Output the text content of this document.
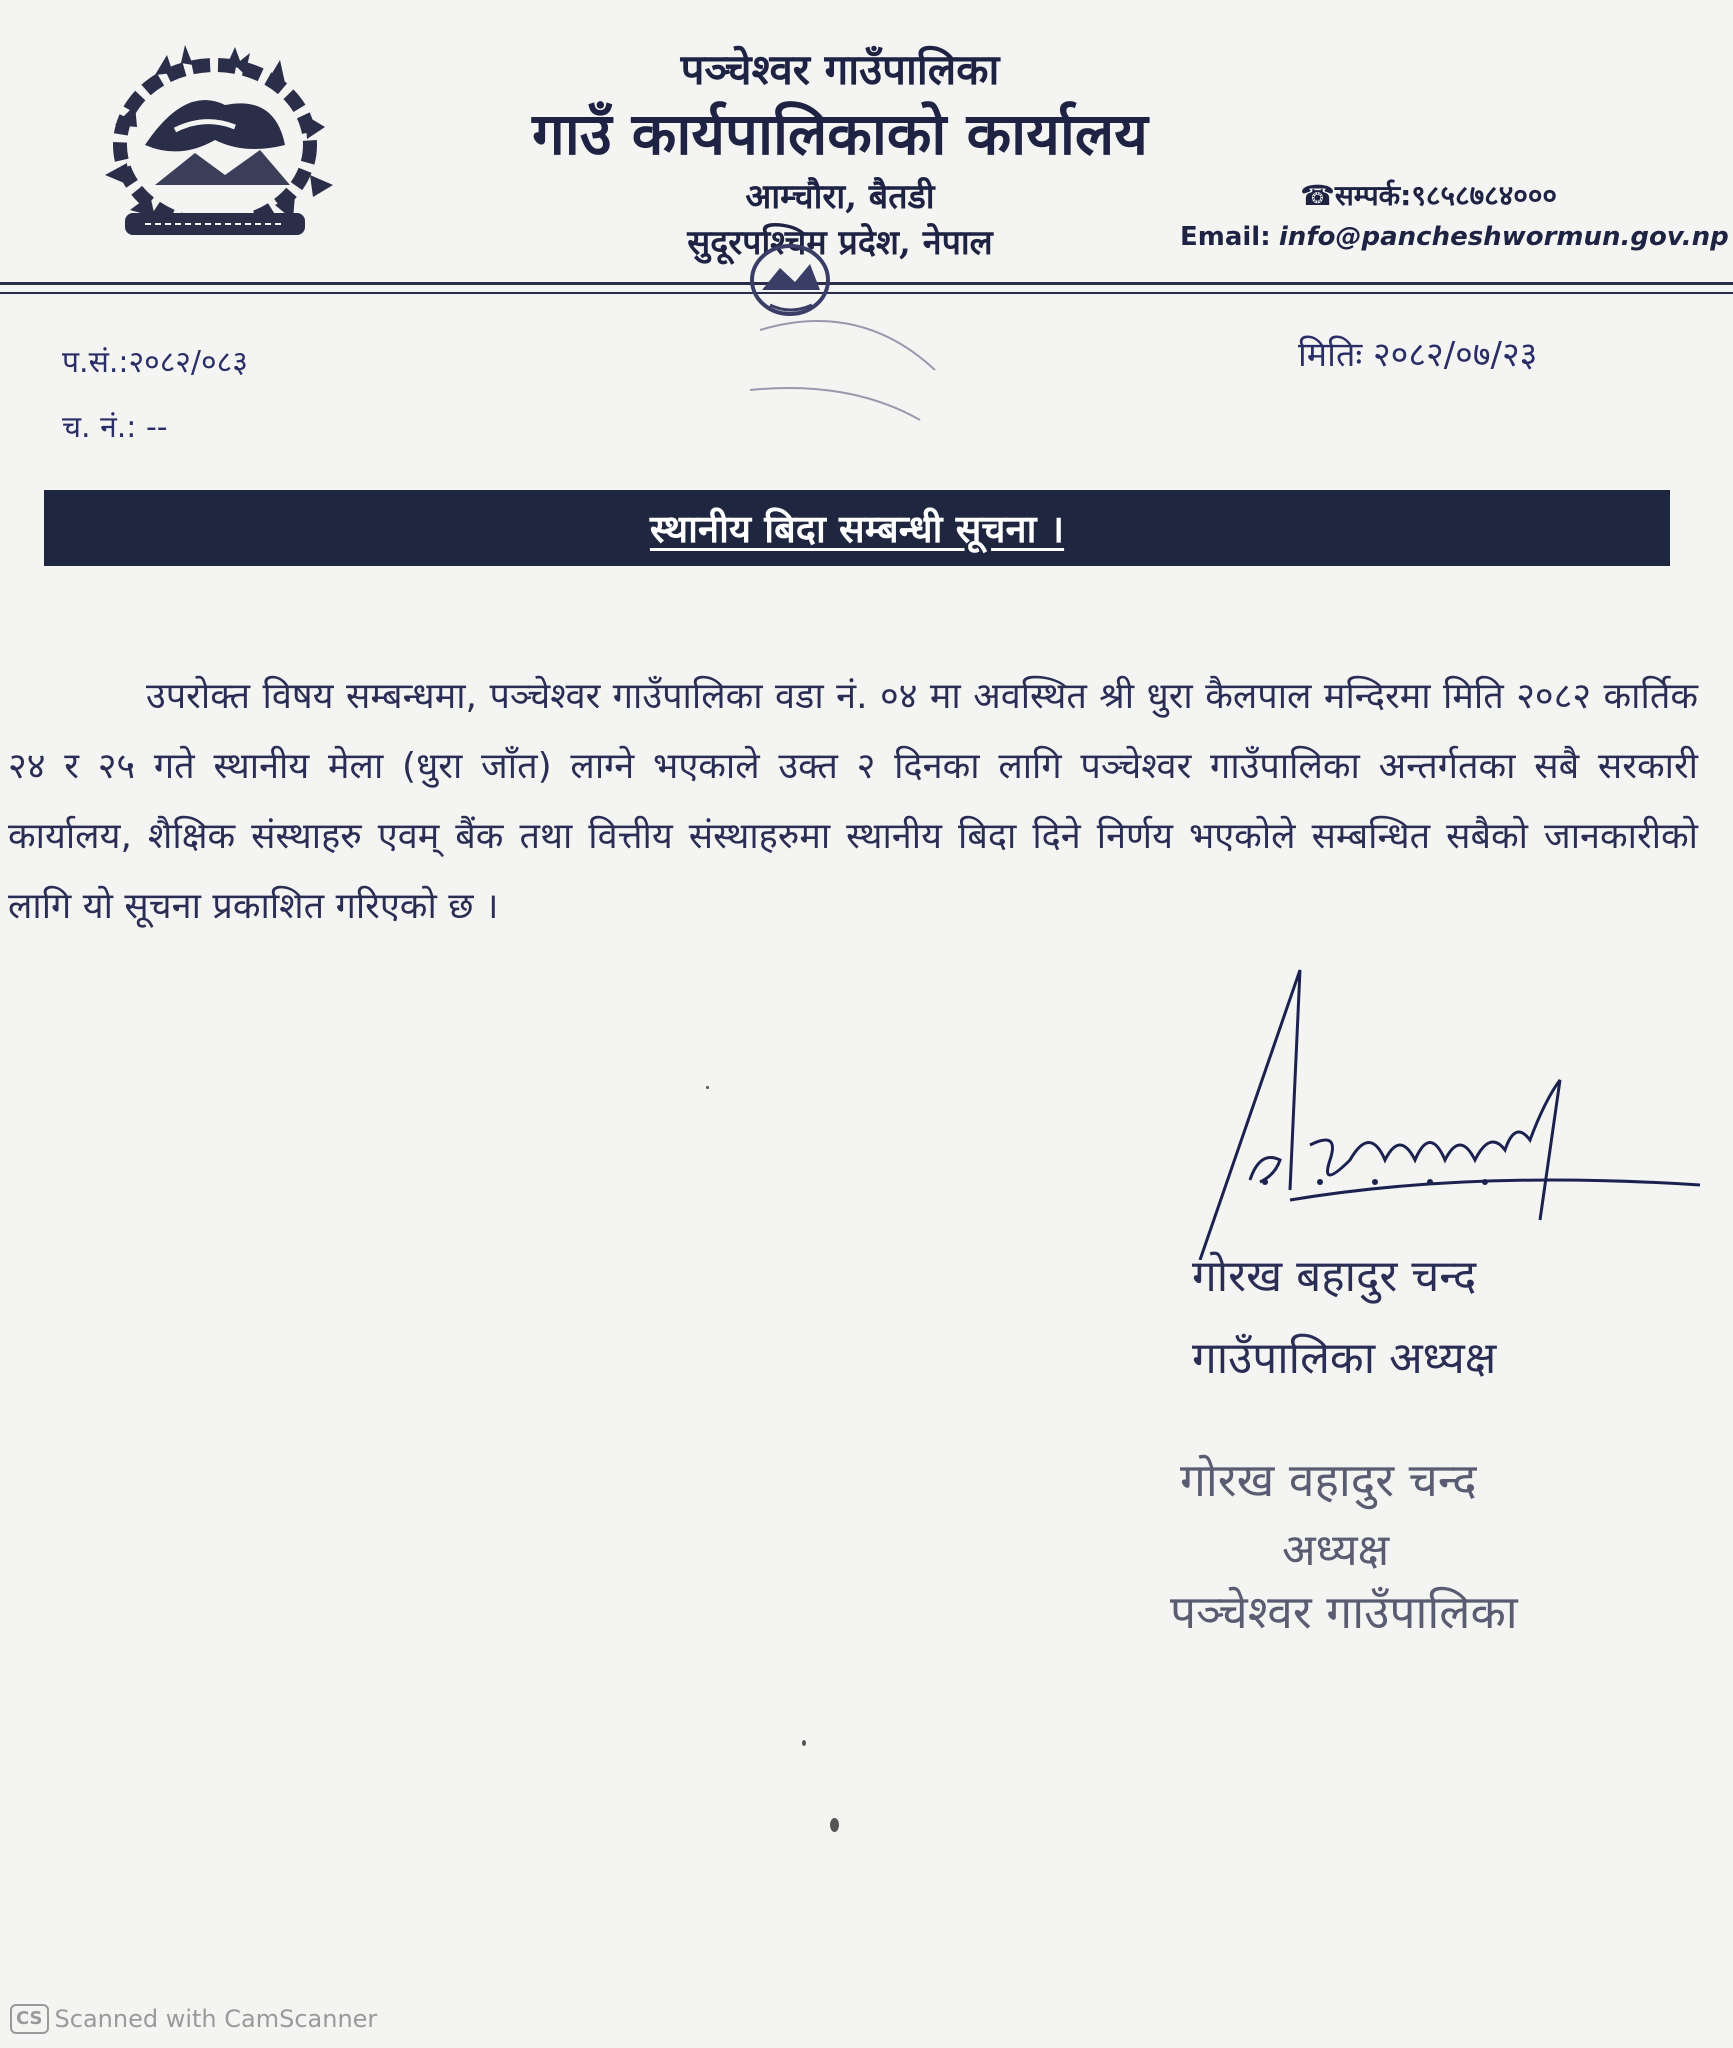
पञ्चेश्वर गाउँपालिका
गाउँ कार्यपालिकाको कार्यालय
आम्चौरा, बैतडी
सुदूरपश्चिम प्रदेश, नेपाल
☎सम्पर्क:९८५८७८४०००
Email: info@pancheshwormun.gov.np
प.सं.:२०८२/०८३
च. नं.: --
मितिः २०८२/०७/२३
स्थानीय बिदा सम्बन्धी सूचना ।
उपरोक्त विषय सम्बन्धमा, पञ्चेश्वर गाउँपालिका वडा नं. ०४ मा अवस्थित श्री धुरा कैलपाल मन्दिरमा मिति २०८२ कार्तिक २४ र २५ गते स्थानीय मेला (धुरा जाँत) लाग्ने भएकाले उक्त २ दिनका लागि पञ्चेश्वर गाउँपालिका अन्तर्गतका सबै सरकारी कार्यालय, शैक्षिक संस्थाहरु एवम् बैंक तथा वित्तीय संस्थाहरुमा स्थानीय बिदा दिने निर्णय भएकोले सम्बन्धित सबैको जानकारीको लागि यो सूचना प्रकाशित गरिएको छ ।
गोरख बहादुर चन्द
गाउँपालिका अध्यक्ष
गोरख वहादुर चन्द
अध्यक्ष
पञ्चेश्वर गाउँपालिका
CS Scanned with CamScanner
